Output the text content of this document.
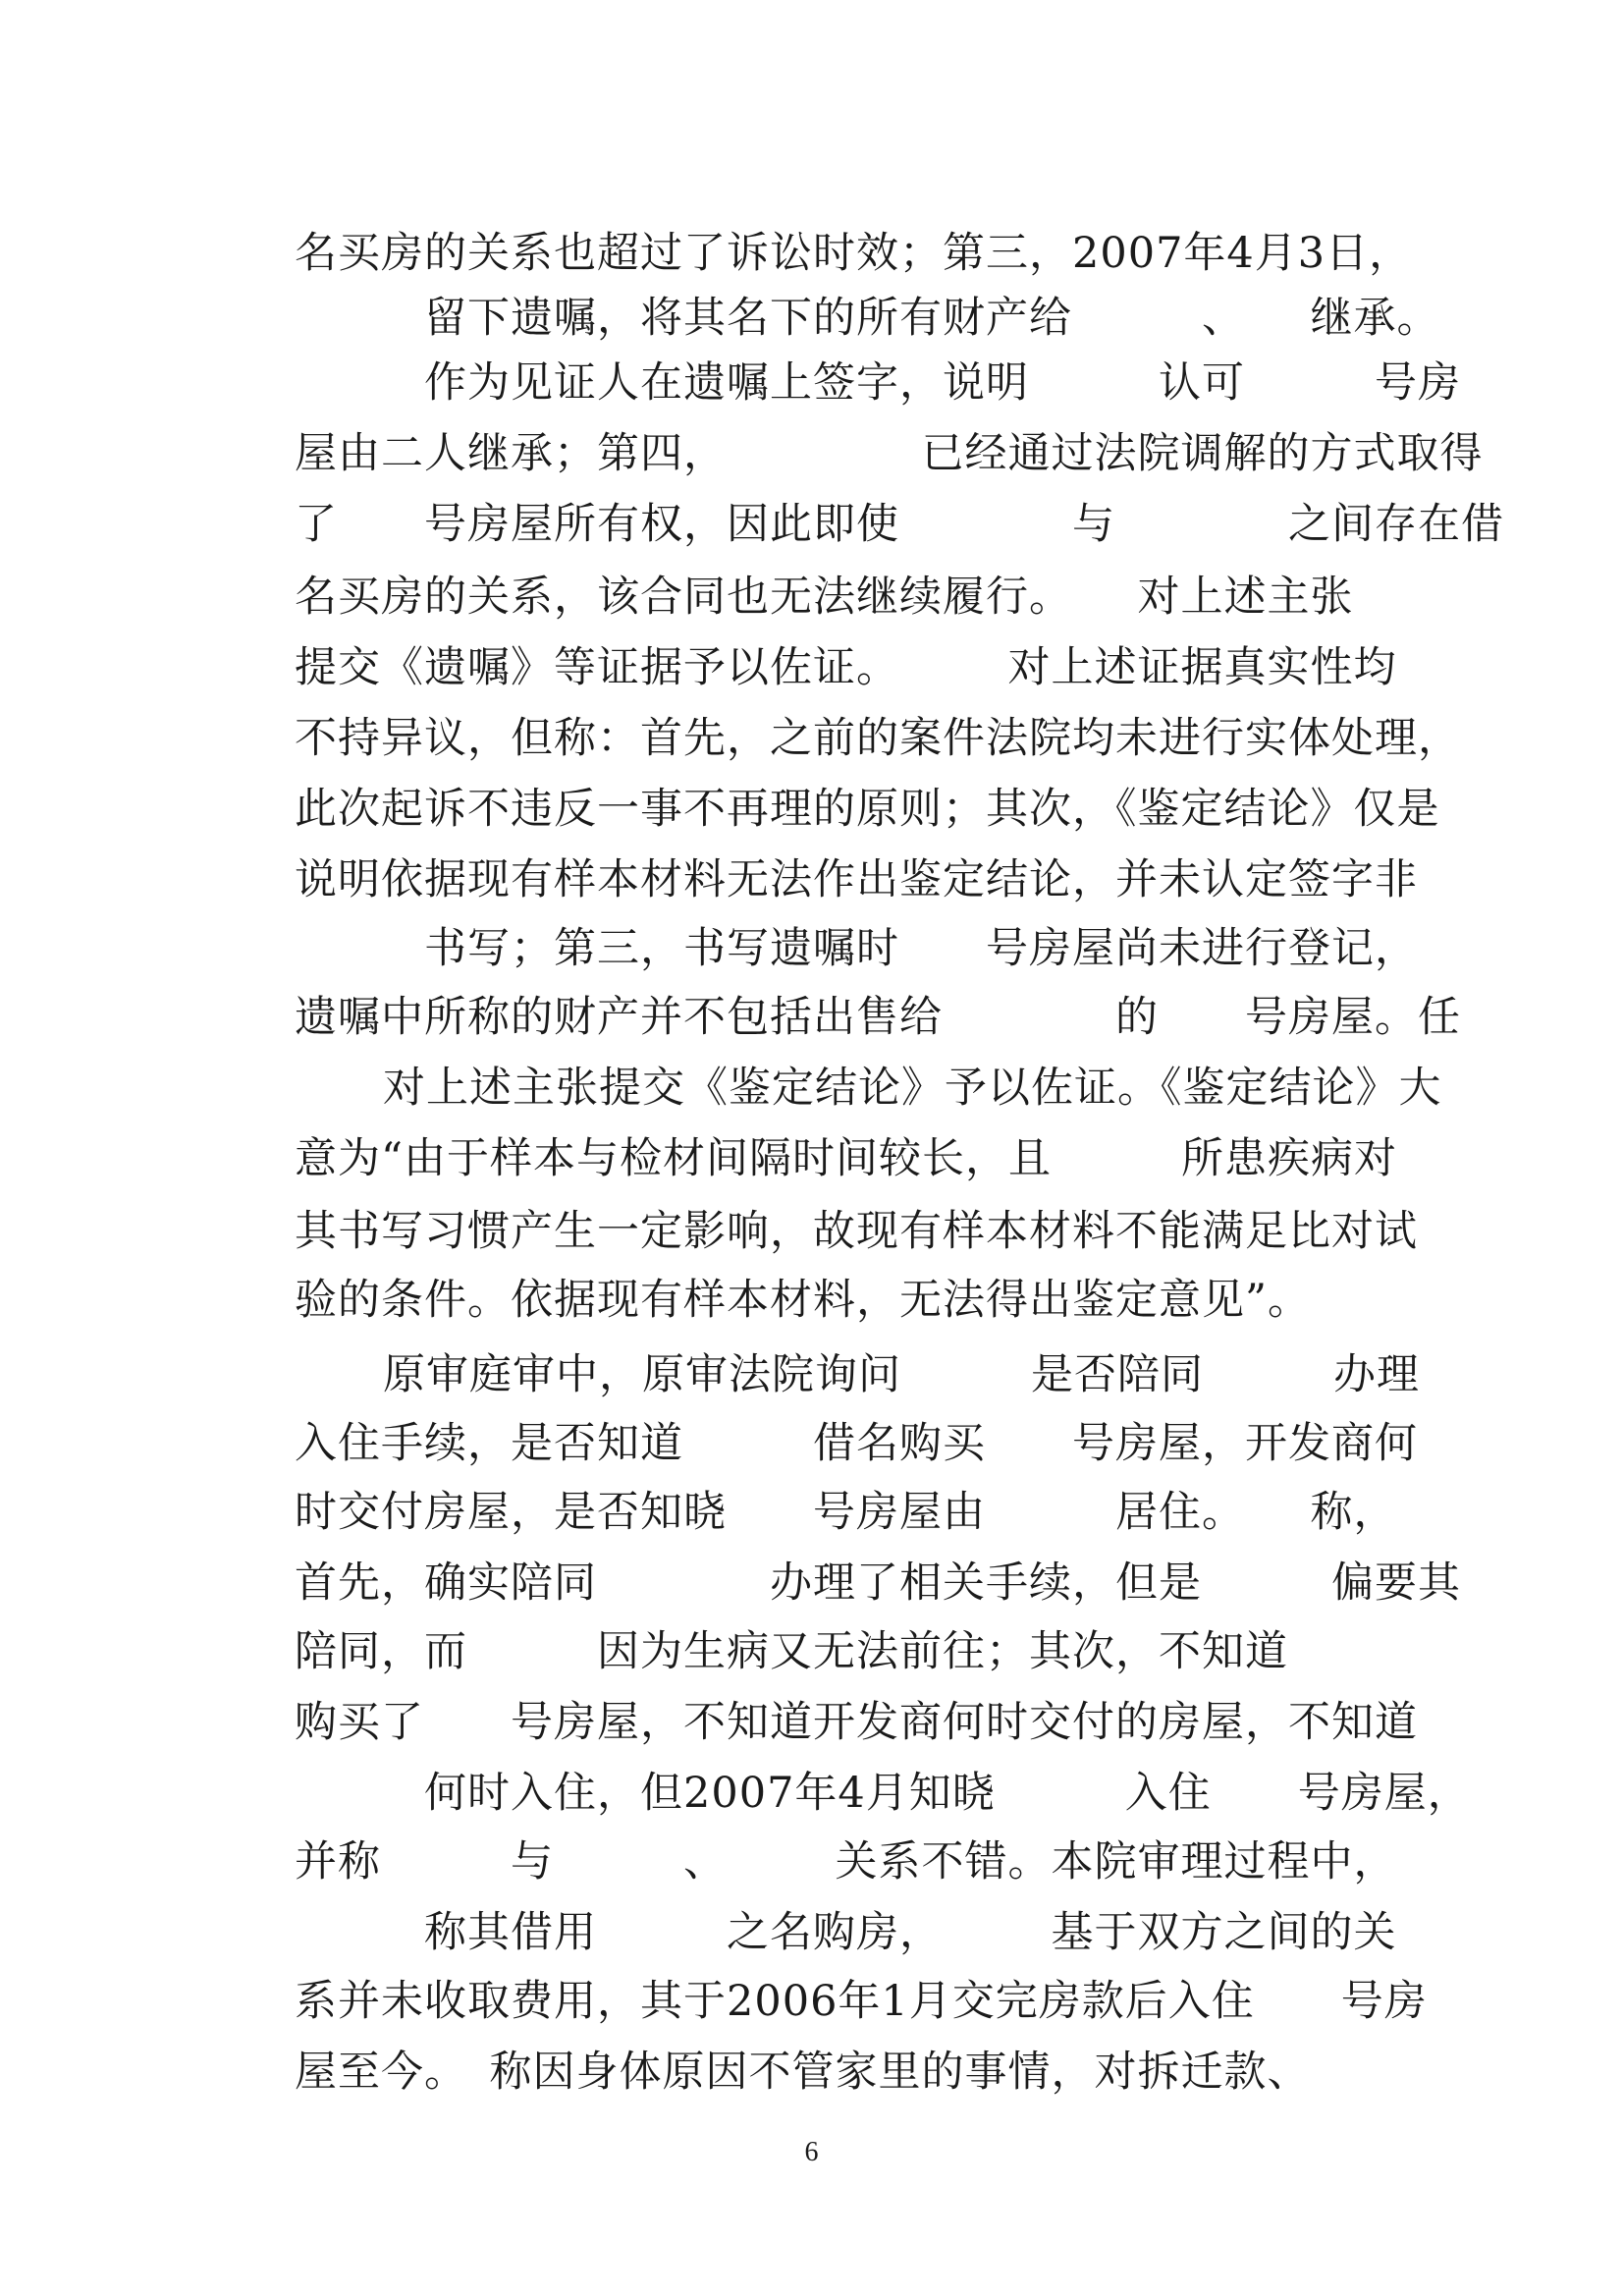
名买房的关系也超过了诉讼时效；第三，2007年4月3日，
留下遗嘱，将其名下的所有财产给　　　、　　继承。
作为见证人在遗嘱上签字，说明　　　认可　　　号房
屋由二人继承；第四，　　　　　已经通过法院调解的方式取得
了　　号房屋所有权，因此即使　　　　与　　　　之间存在借
名买房的关系，该合同也无法继续履行。　　对上述主张
提交《遗嘱》等证据予以佐证。　　　对上述证据真实性均
不持异议，但称：首先，之前的案件法院均未进行实体处理，
此次起诉不违反一事不再理的原则；其次，《鉴定结论》仅是
说明依据现有样本材料无法作出鉴定结论，并未认定签字非
书写；第三，书写遗嘱时　　号房屋尚未进行登记，
遗嘱中所称的财产并不包括出售给　　　　的　　号房屋。任
对上述主张提交《鉴定结论》予以佐证。《鉴定结论》大
意为“由于样本与检材间隔时间较长，且　　　所患疾病对
其书写习惯产生一定影响，故现有样本材料不能满足比对试
验的条件。依据现有样本材料，无法得出鉴定意见”。
原审庭审中，原审法院询问　　　是否陪同　　　办理
入住手续，是否知道　　　借名购买　　号房屋，开发商何
时交付房屋，是否知晓　　号房屋由　　　居住。　　称，
首先，确实陪同　　　　办理了相关手续，但是　　　偏要其
陪同，而　　　因为生病又无法前往；其次，不知道
购买了　　号房屋，不知道开发商何时交付的房屋，不知道
何时入住，但2007年4月知晓　　　入住　　号房屋，
并称　　　与　　　、　　　关系不错。本院审理过程中，
称其借用　　　之名购房，　　　基于双方之间的关
系并未收取费用，其于2006年1月交完房款后入住　　号房
屋至今。　称因身体原因不管家里的事情，对拆迁款、
6
